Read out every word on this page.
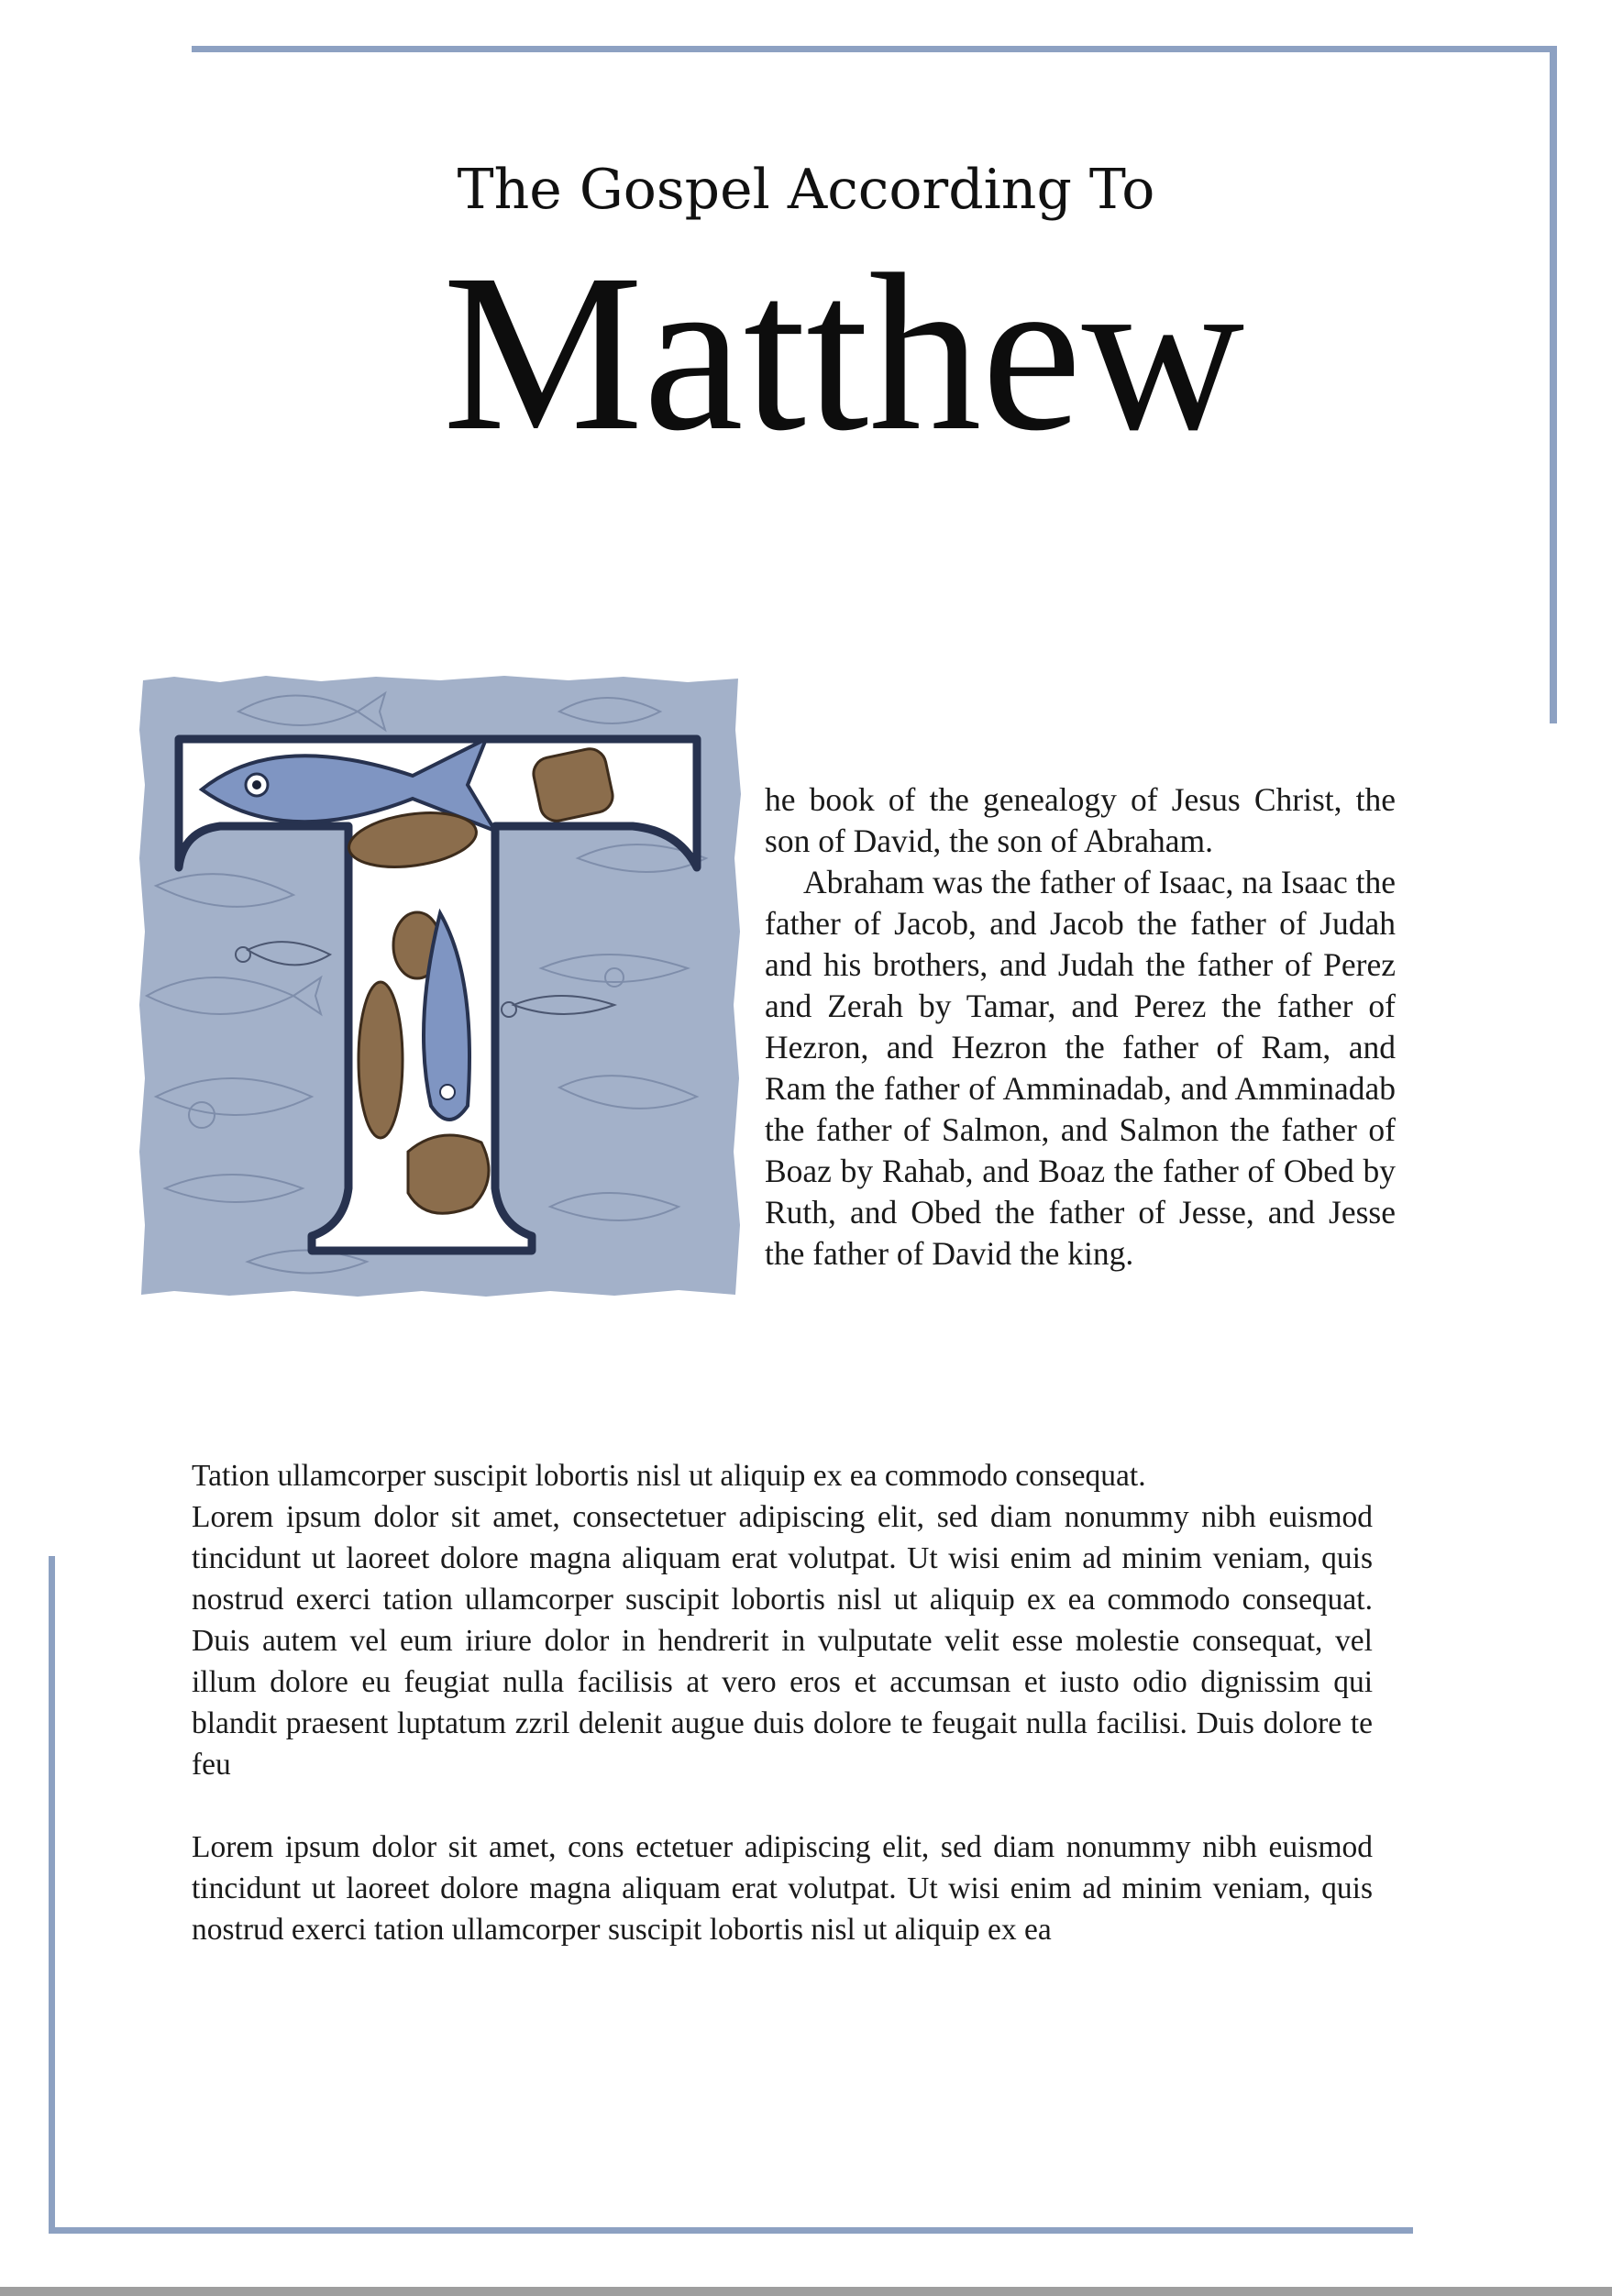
The Gospel According To
Matthew

he book of the genealogy of Jesus Christ, the son of David, the son of Abraham.

Abraham was the father of Isaac, na Isaac the father of Jacob, and Jacob the father of Judah and his brothers, and Judah the father of Perez and Zerah by Tamar, and Perez the father of Hezron, and Hezron the father of Ram, and Ram the father of Amminadab, and Amminadab the father of Salmon, and Salmon the father of Boaz by Rahab, and Boaz the father of Obed by Ruth, and Obed the father of Jesse, and Jesse the father of David the king.

Tation ullamcorper suscipit lobortis nisl ut aliquip ex ea commodo consequat.

Lorem ipsum dolor sit amet, consectetuer adipiscing elit, sed diam nonummy nibh euismod tincidunt ut laoreet dolore magna aliquam erat volutpat. Ut wisi enim ad minim veniam, quis nostrud exerci tation ullamcorper suscipit lobortis nisl ut aliquip ex ea commodo consequat. Duis autem vel eum iriure dolor in hendrerit in vulputate velit esse molestie consequat, vel illum dolore eu feugiat nulla facilisis at vero eros et accumsan et iusto odio dignissim qui blandit praesent luptatum zzril delenit augue duis dolore te feugait nulla facilisi. Duis dolore te feu

Lorem ipsum dolor sit amet, cons ectetuer adipiscing elit, sed diam nonummy nibh euismod tincidunt ut laoreet dolore magna aliquam erat volutpat. Ut wisi enim ad minim veniam, quis nostrud exerci tation ullamcorper suscipit lobortis nisl ut aliquip ex ea
